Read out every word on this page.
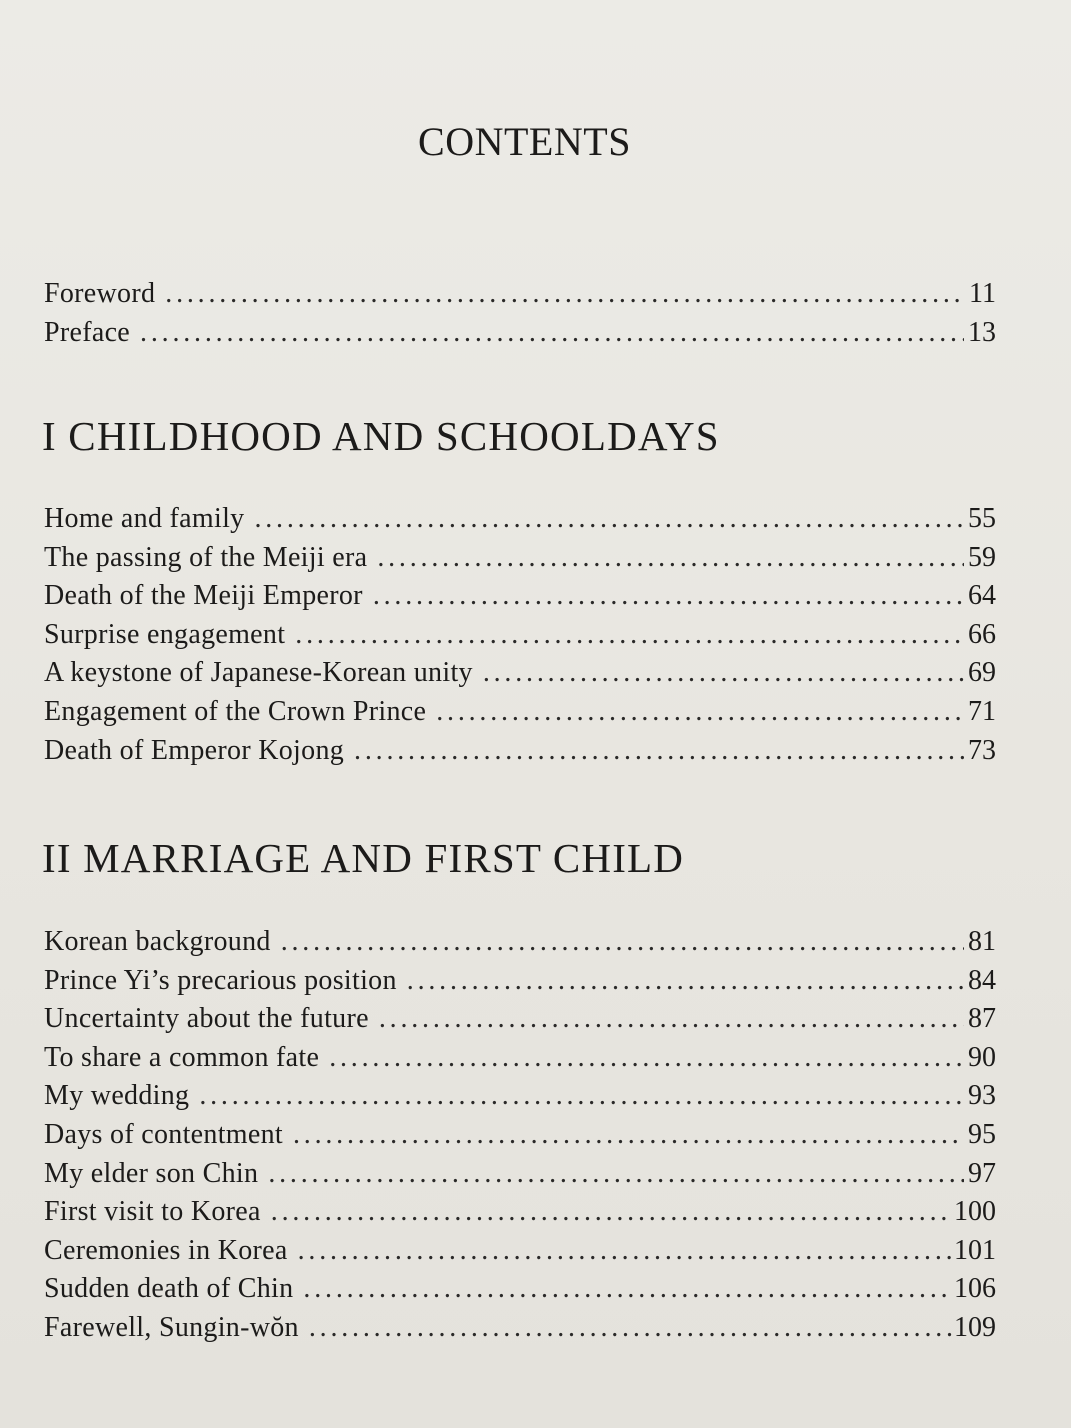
CONTENTS
Foreword . . .	11
Preface . . .	13
I CHILDHOOD AND SCHOOLDAYS
Home and family . . .	55
The passing of the Meiji era . . .	59
Death of the Meiji Emperor . . .	64
Surprise engagement . . .	66
A keystone of Japanese-Korean unity . . .	69
Engagement of the Crown Prince . . .	71
Death of Emperor Kojong . . .	73
II MARRIAGE AND FIRST CHILD
Korean background . . .	81
Prince Yi’s precarious position . . .	84
Uncertainty about the future . . .	87
To share a common fate . . .	90
My wedding . . .	93
Days of contentment . . .	95
My elder son Chin . . .	97
First visit to Korea . . .	100
Ceremonies in Korea . . .	101
Sudden death of Chin . . .	106
Farewell, Sungin-wŏn . . .	109
